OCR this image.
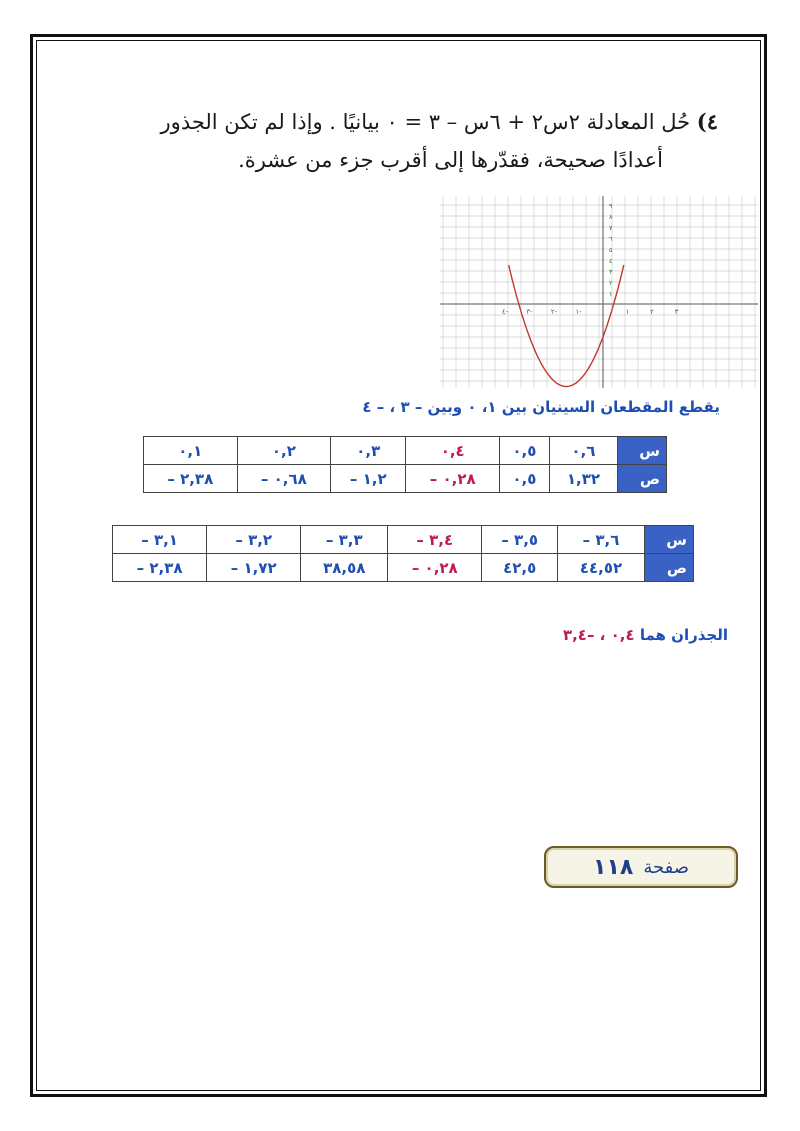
٤) حُل المعادلة ٢س٢ + ٦س – ٣ = ٠ بيانيًا . وإذا لم تكن الجذور
أعدادًا صحيحة، فقدّرها إلى أقرب جزء من عشرة.
٤-	٣-	٢-	١-	١	٢	٣
٩
٨
٧
٦
٥
٤
٣
٢
١
يقطع المقطعان السينيان بين ١، ٠ وبين – ٣ ، – ٤
س	٠,٦	٠,٥	٠,٤	٠,٣	٠,٢	٠,١
ص	١,٣٢	٠,٥	٠,٢٨ –	١,٢ –	٠,٦٨ –	٢,٣٨ –
س	٣,٦ –	٣,٥ –	٣,٤ –	٣,٣ –	٣,٢ –	٣,١ –
ص	٤٤,٥٢	٤٢,٥	٠,٢٨ –	٣٨,٥٨	١,٧٢ –	٢,٣٨ –
الجذران هما ٠,٤ ، –٣,٤
صفحة
١١٨
